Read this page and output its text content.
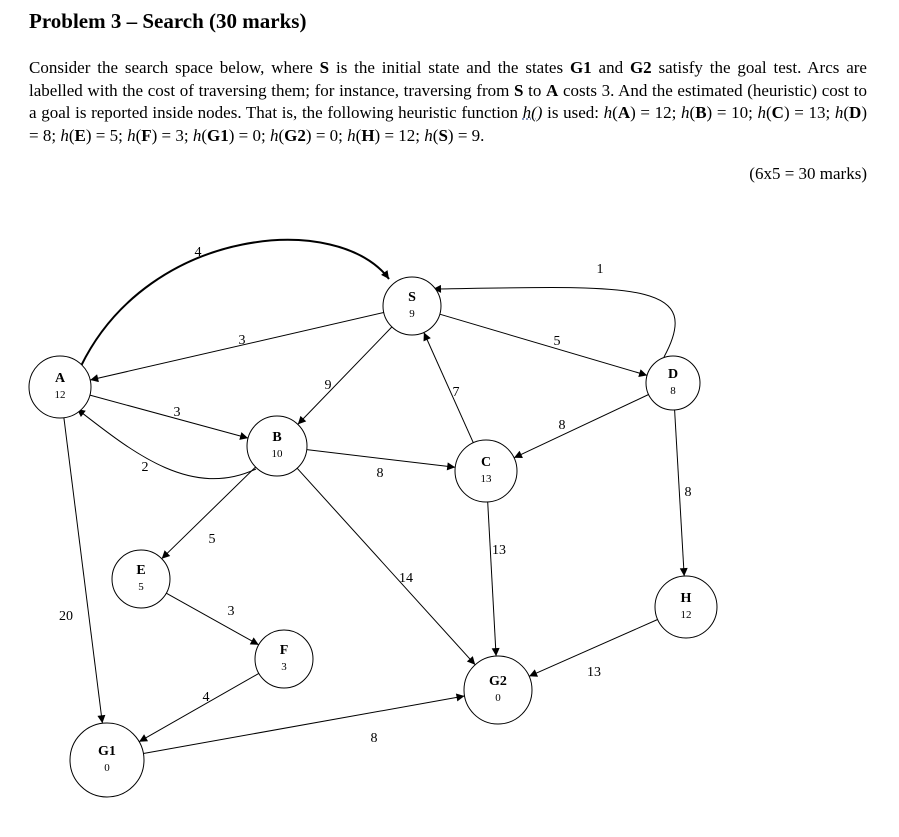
Problem 3 – Search (30 marks)

Consider the search space below, where S is the initial state and the states G1 and G2 satisfy the goal test. Arcs are labelled with the cost of traversing them; for instance, traversing from S to A costs 3. And the estimated (heuristic) cost to a goal is reported inside nodes. That is, the following heuristic function h() is used: h(A) = 12; h(B) = 10; h(C) = 13; h(D) = 8; h(E) = 5; h(F) = 3; h(G1) = 0; h(G2) = 0; h(H) = 12; h(S) = 9.

(6x5 = 30 marks)
4
3	5
1
9	7
3
2
20
8
8
8
5
14
13
3
4
8
13
S
9
A
12
B
10
C
13
D
8
E
5
F
3
G1
0
G2
0
H
12
